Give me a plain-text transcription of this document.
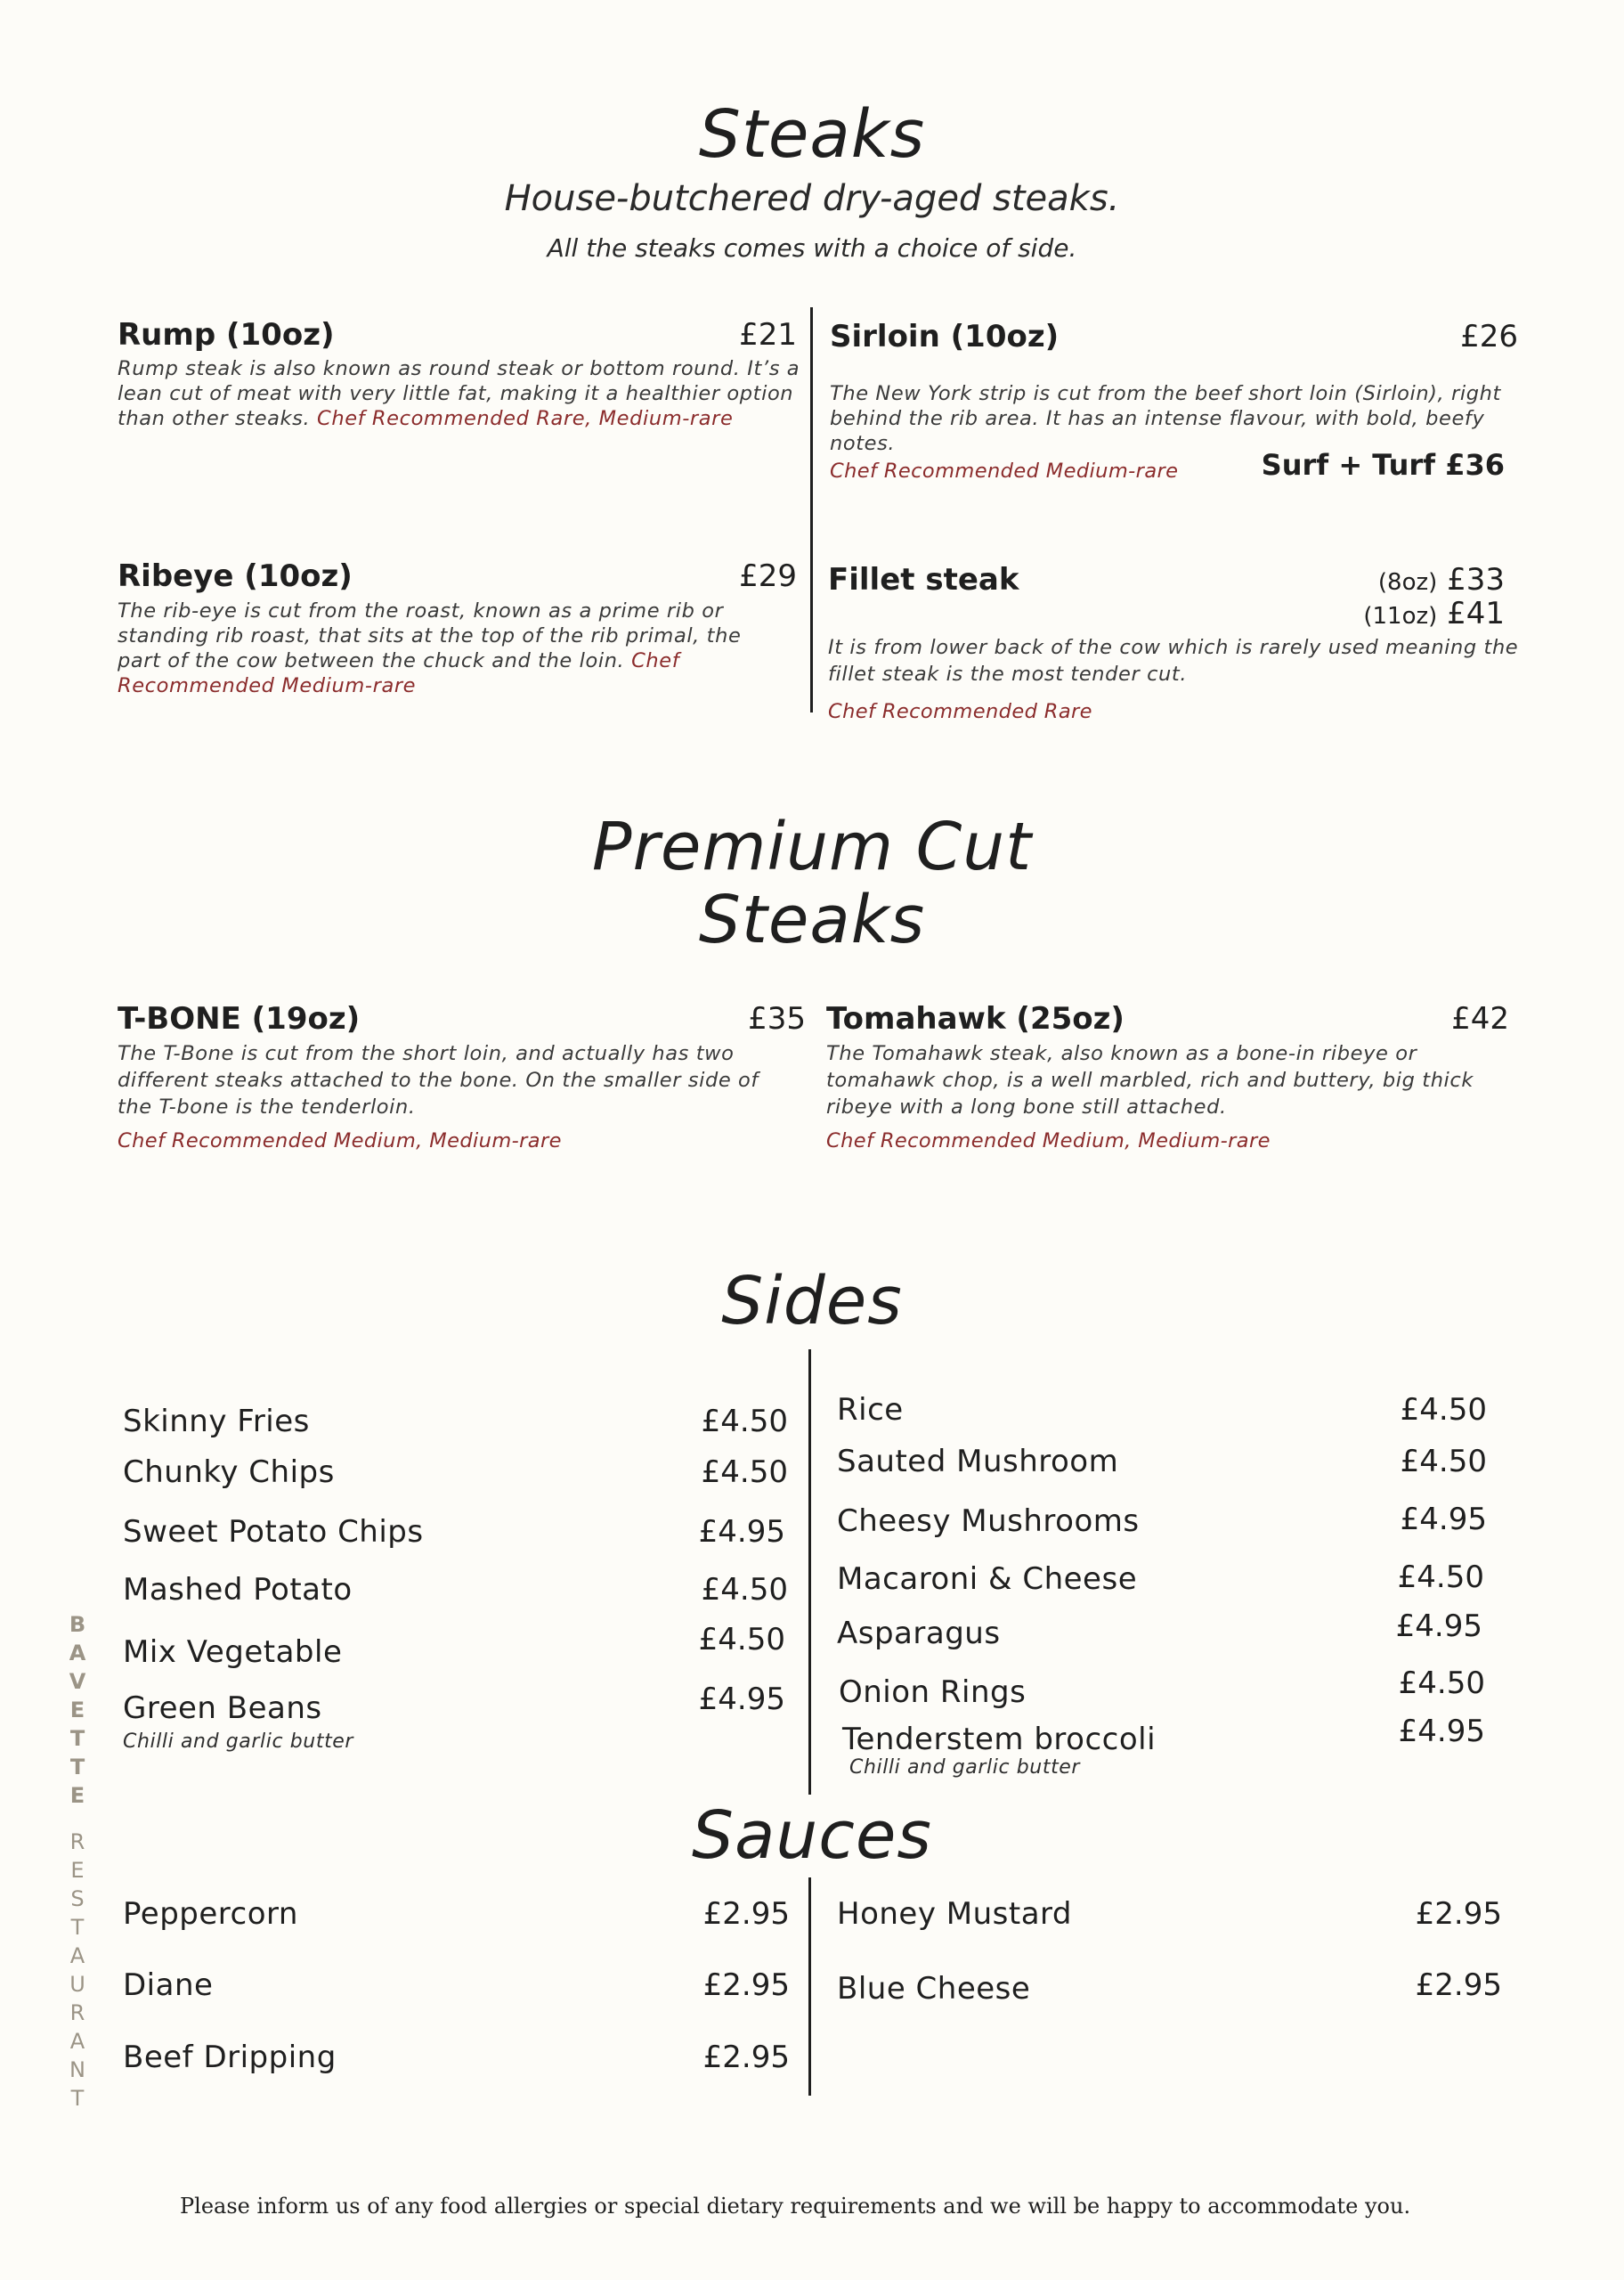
Steaks
House-butchered dry-aged steaks.
All the steaks comes with a choice of side.
Rump (10oz)	£21
Rump steak is also known as round steak or bottom round. It’s a lean cut of meat with very little fat, making it a healthier option than other steaks. Chef Recommended Rare, Medium-rare
Sirloin (10oz)	£26
The New York strip is cut from the beef short loin (Sirloin), right behind the rib area. It has an intense flavour, with bold, beefy notes.
Chef Recommended Medium-rare	Surf + Turf £36
Ribeye (10oz)	£29
The rib-eye is cut from the roast, known as a prime rib or standing rib roast, that sits at the top of the rib primal, the part of the cow between the chuck and the loin. Chef Recommended Medium-rare
Fillet steak	(8oz) £33
(11oz) £41
It is from lower back of the cow which is rarely used meaning the fillet steak is the most tender cut.
Chef Recommended Rare
Premium Cut
Steaks
T-BONE (19oz)	£35
The T-Bone is cut from the short loin, and actually has two different steaks attached to the bone. On the smaller side of the T-bone is the tenderloin.
Chef Recommended Medium, Medium-rare
Tomahawk (25oz)	£42
The Tomahawk steak, also known as a bone-in ribeye or tomahawk chop, is a well marbled, rich and buttery, big thick ribeye with a long bone still attached.
Chef Recommended Medium, Medium-rare
Sides
Skinny Fries	£4.50
Chunky Chips	£4.50
Sweet Potato Chips	£4.95
Mashed Potato	£4.50
Mix Vegetable	£4.50
Green Beans	£4.95
Chilli and garlic butter
Rice	£4.50
Sauted Mushroom	£4.50
Cheesy Mushrooms	£4.95
Macaroni & Cheese	£4.50
Asparagus	£4.95
Onion Rings	£4.50
Tenderstem broccoli	£4.95
Chilli and garlic butter
Sauces
Peppercorn	£2.95
Diane	£2.95
Beef Dripping	£2.95
Honey Mustard	£2.95
Blue Cheese	£2.95
B
A
V
E
T
T
E
R
E
S
T
A
U
R
A
N
T
Please inform us of any food allergies or special dietary requirements and we will be happy to accommodate you.
